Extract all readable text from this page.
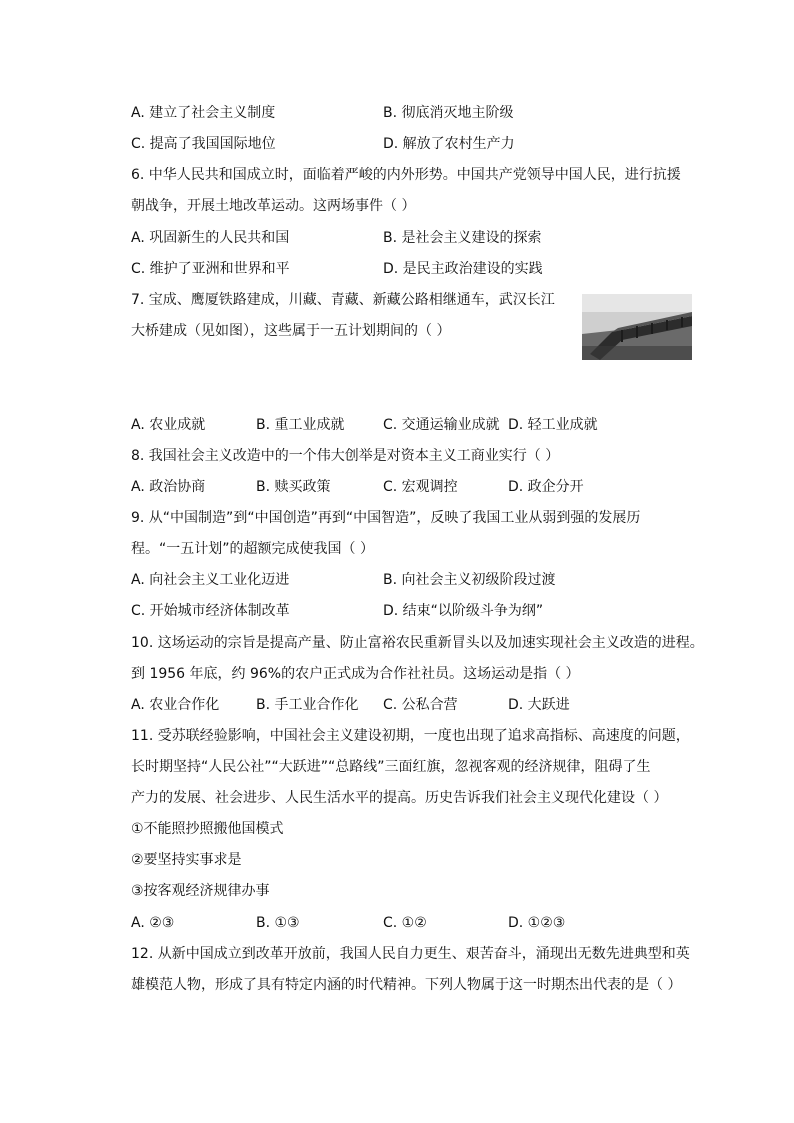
A. 建立了社会主义制度	B. 彻底消灭地主阶级
C. 提高了我国国际地位	D. 解放了农村生产力
6. 中华人民共和国成立时，面临着严峻的内外形势。中国共产党领导中国人民，进行抗援
朝战争，开展土地改革运动。这两场事件（ ）
A. 巩固新生的人民共和国	B. 是社会主义建设的探索
C. 维护了亚洲和世界和平	D. 是民主政治建设的实践
7. 宝成、鹰厦铁路建成，川藏、青藏、新藏公路相继通车，武汉长江
大桥建成（见如图），这些属于一五计划期间的（ ）
A. 农业成就	B. 重工业成就	C. 交通运输业成就 D. 轻工业成就
8. 我国社会主义改造中的一个伟大创举是对资本主义工商业实行（ ）
A. 政治协商	B. 赎买政策	C. 宏观调控	D. 政企分开
9. 从“中国制造”到“中国创造”再到“中国智造”，反映了我国工业从弱到强的发展历
程。“一五计划”的超额完成使我国（ ）
A. 向社会主义工业化迈进	B. 向社会主义初级阶段过渡
C. 开始城市经济体制改革	D. 结束“以阶级斗争为纲”
10. 这场运动的宗旨是提高产量、防止富裕农民重新冒头以及加速实现社会主义改造的进程。
到 1956 年底，约 96%的农户正式成为合作社社员。这场运动是指（ ）
A. 农业合作化	B. 手工业合作化 C. 公私合营	D. 大跃进
11. 受苏联经验影响，中国社会主义建设初期，一度也出现了追求高指标、高速度的问题，
长时期坚持“人民公社”“大跃进”“总路线”三面红旗，忽视客观的经济规律，阻碍了生
产力的发展、社会进步、人民生活水平的提高。历史告诉我们社会主义现代化建设（ ）
①不能照抄照搬他国模式
②要坚持实事求是
③按客观经济规律办事
A. ②③	B. ①③	C. ①②	D. ①②③
12. 从新中国成立到改革开放前，我国人民自力更生、艰苦奋斗，涌现出无数先进典型和英
雄模范人物，形成了具有特定内涵的时代精神。下列人物属于这一时期杰出代表的是（ ）
